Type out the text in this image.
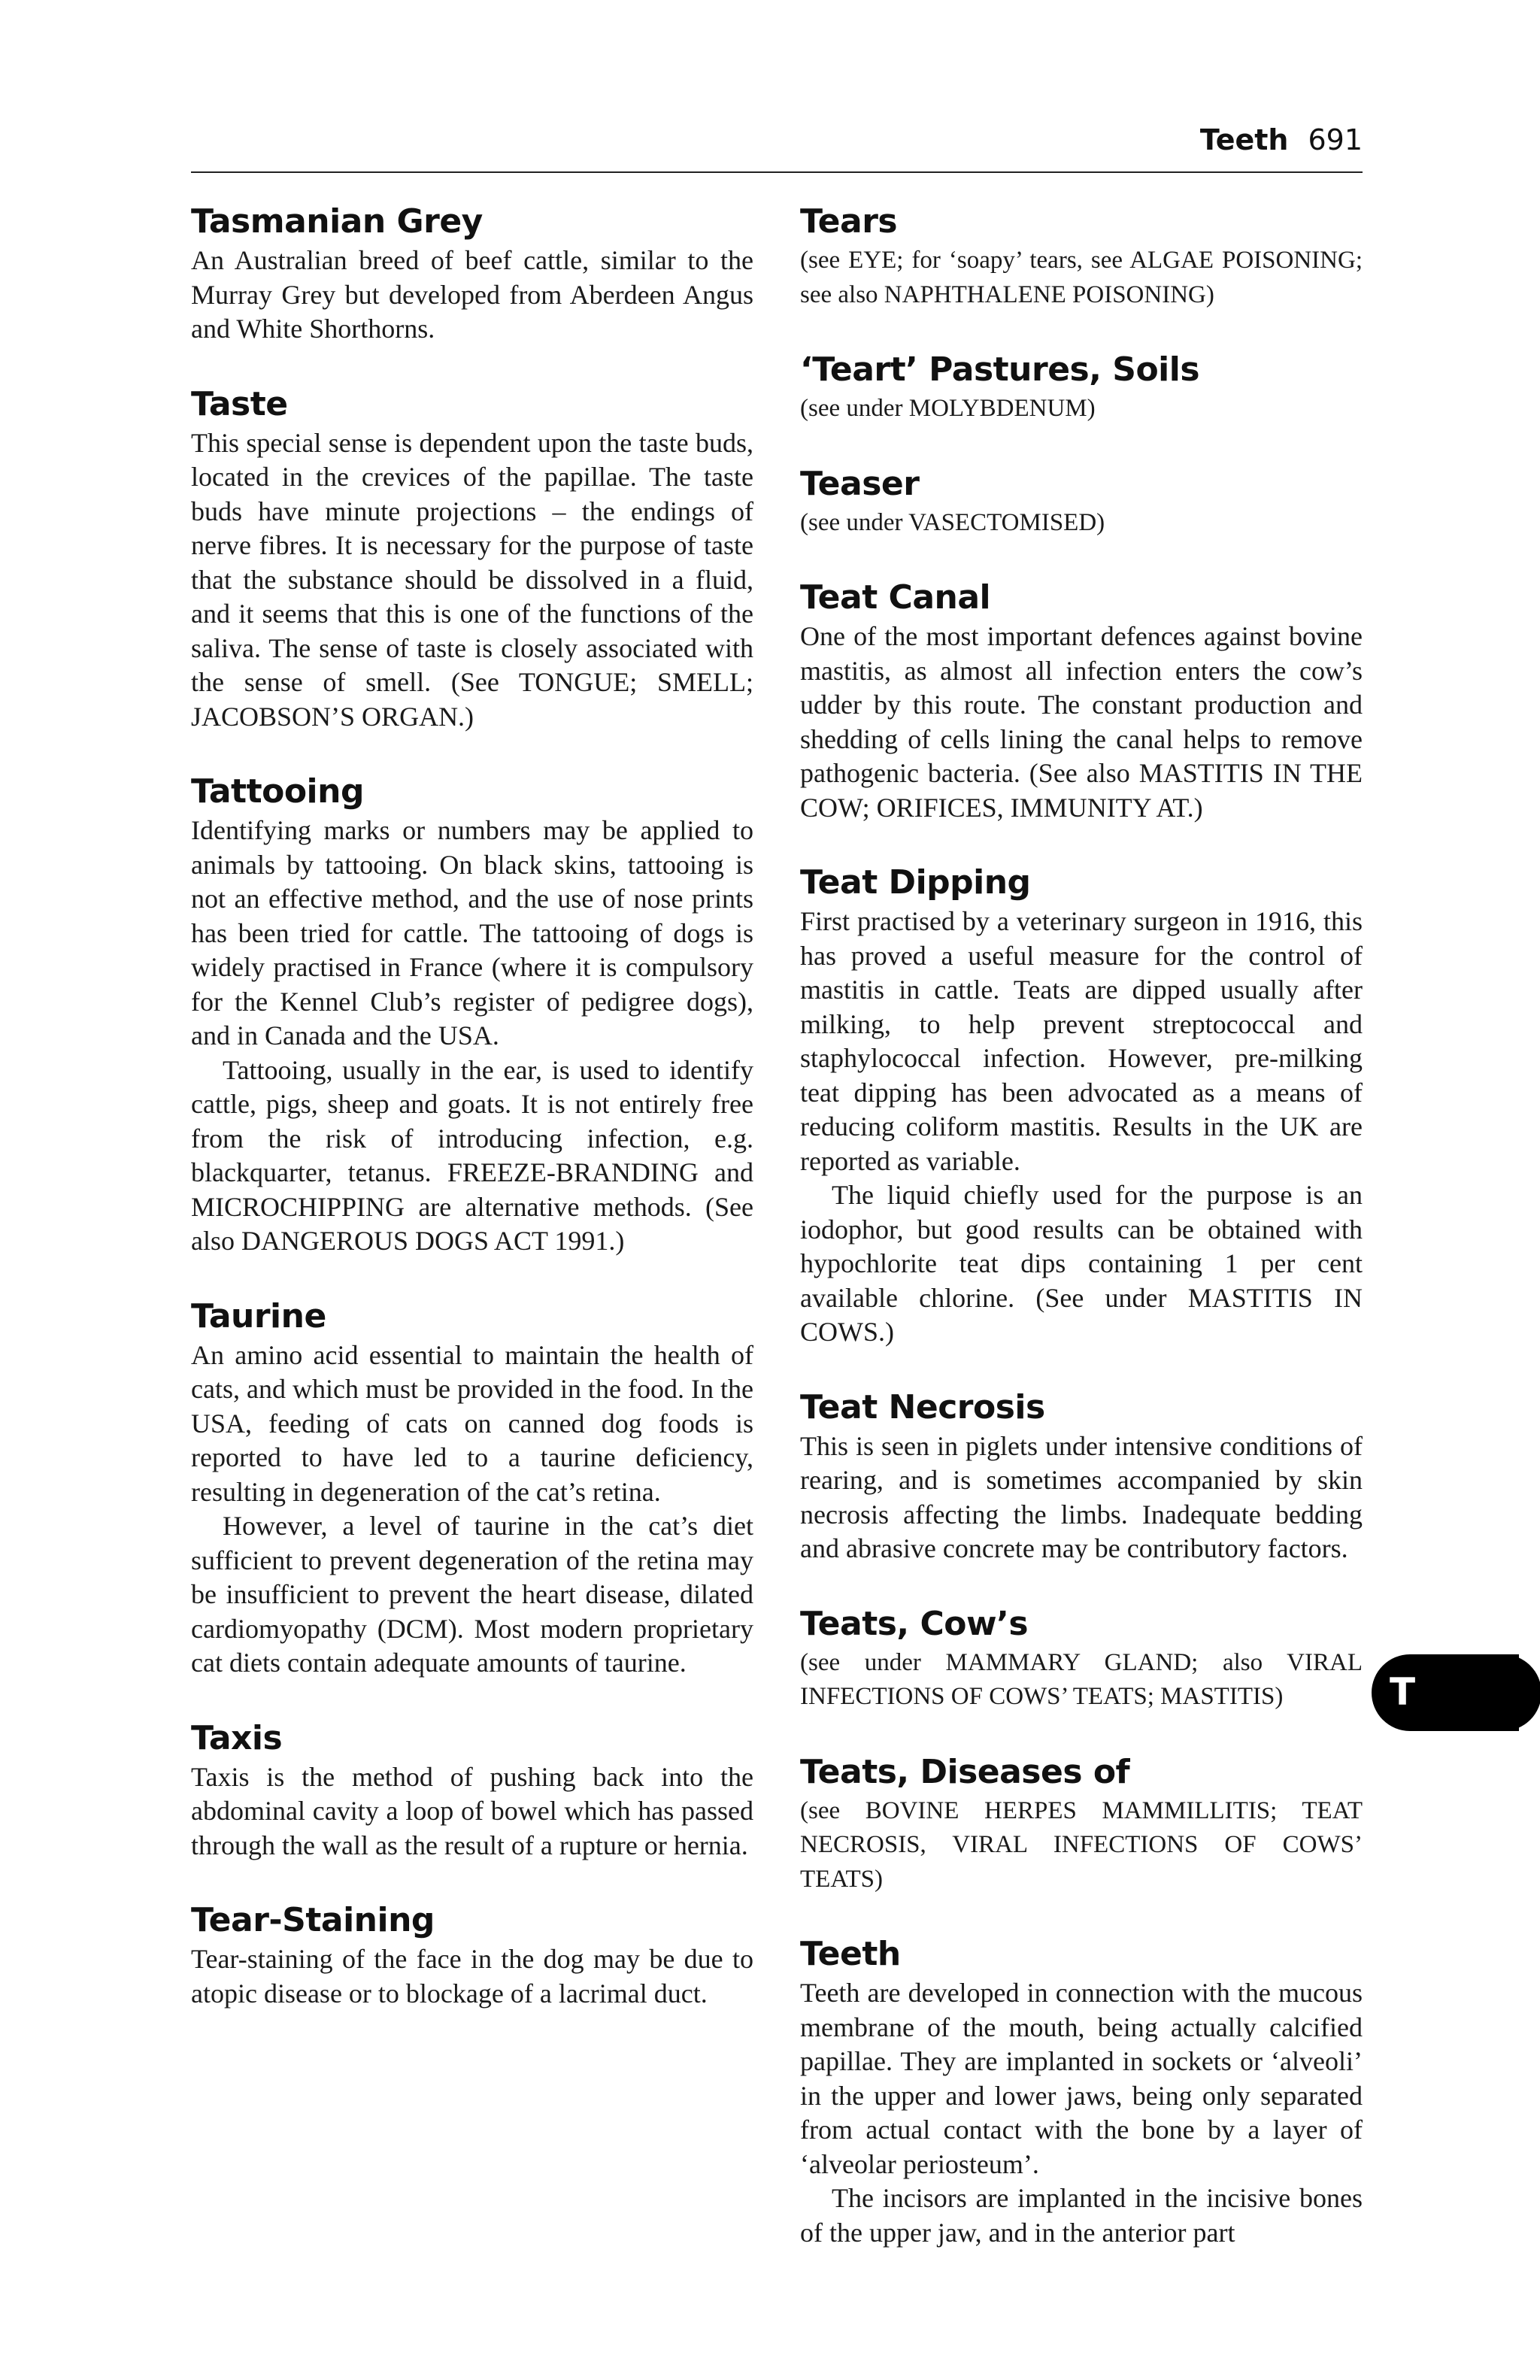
Teeth 691
Tasmanian Grey

An Australian breed of beef cattle, similar to the Murray Grey but developed from Aberdeen Angus and White Shorthorns.

Taste

This special sense is dependent upon the taste buds, located in the crevices of the papillae. The taste buds have minute projections – the endings of nerve fibres. It is necessary for the purpose of taste that the substance should be dissolved in a fluid, and it seems that this is one of the functions of the saliva. The sense of taste is closely associated with the sense of smell. (See TONGUE; SMELL; JACOBSON’S ORGAN.)

Tattooing

Identifying marks or numbers may be applied to animals by tattooing. On black skins, tattooing is not an effective method, and the use of nose prints has been tried for cattle. The tattooing of dogs is widely practised in France (where it is compulsory for the Kennel Club’s register of pedigree dogs), and in Canada and the USA.

Tattooing, usually in the ear, is used to identify cattle, pigs, sheep and goats. It is not entirely free from the risk of introducing infection, e.g. blackquarter, tetanus. FREEZE-BRANDING and MICROCHIPPING are alternative methods. (See also DANGEROUS DOGS ACT 1991.)

Taurine

An amino acid essential to maintain the health of cats, and which must be provided in the food. In the USA, feeding of cats on canned dog foods is reported to have led to a taurine deficiency, resulting in degeneration of the cat’s retina.

However, a level of taurine in the cat’s diet sufficient to prevent degeneration of the retina may be insufficient to prevent the heart disease, dilated cardiomyopathy (DCM). Most modern proprietary cat diets contain adequate amounts of taurine.

Taxis

Taxis is the method of pushing back into the abdominal cavity a loop of bowel which has passed through the wall as the result of a rupture or hernia.

Tear-Staining

Tear-staining of the face in the dog may be due to atopic disease or to blockage of a lacrimal duct.

Tears

(see EYE; for ‘soapy’ tears, see ALGAE POISONING; see also NAPHTHALENE POISONING)

‘Teart’ Pastures, Soils

(see under MOLYBDENUM)

Teaser

(see under VASECTOMISED)

Teat Canal

One of the most important defences against bovine mastitis, as almost all infection enters the cow’s udder by this route. The constant production and shedding of cells lining the canal helps to remove pathogenic bacteria. (See also MASTITIS IN THE COW; ORIFICES, IMMUNITY AT.)

Teat Dipping

First practised by a veterinary surgeon in 1916, this has proved a useful measure for the control of mastitis in cattle. Teats are dipped usually after milking, to help prevent streptococcal and staphylococcal infection. However, pre-milking teat dipping has been advocated as a means of reducing coliform mastitis. Results in the UK are reported as variable.

The liquid chiefly used for the purpose is an iodophor, but good results can be obtained with hypochlorite teat dips containing 1 per cent available chlorine. (See under MASTITIS IN COWS.)

Teat Necrosis

This is seen in piglets under intensive conditions of rearing, and is sometimes accompanied by skin necrosis affecting the limbs. Inadequate bedding and abrasive concrete may be contributory factors.

Teats, Cow’s

(see under MAMMARY GLAND; also VIRAL INFECTIONS OF COWS’ TEATS; MASTITIS)

Teats, Diseases of

(see BOVINE HERPES MAMMILLITIS; TEAT NECROSIS, VIRAL INFECTIONS OF COWS’ TEATS)

Teeth

Teeth are developed in connection with the mucous membrane of the mouth, being actually calcified papillae. They are implanted in sockets or ‘alveoli’ in the upper and lower jaws, being only separated from actual contact with the bone by a layer of ‘alveolar periosteum’.

The incisors are implanted in the incisive bones of the upper jaw, and in the anterior part

T
